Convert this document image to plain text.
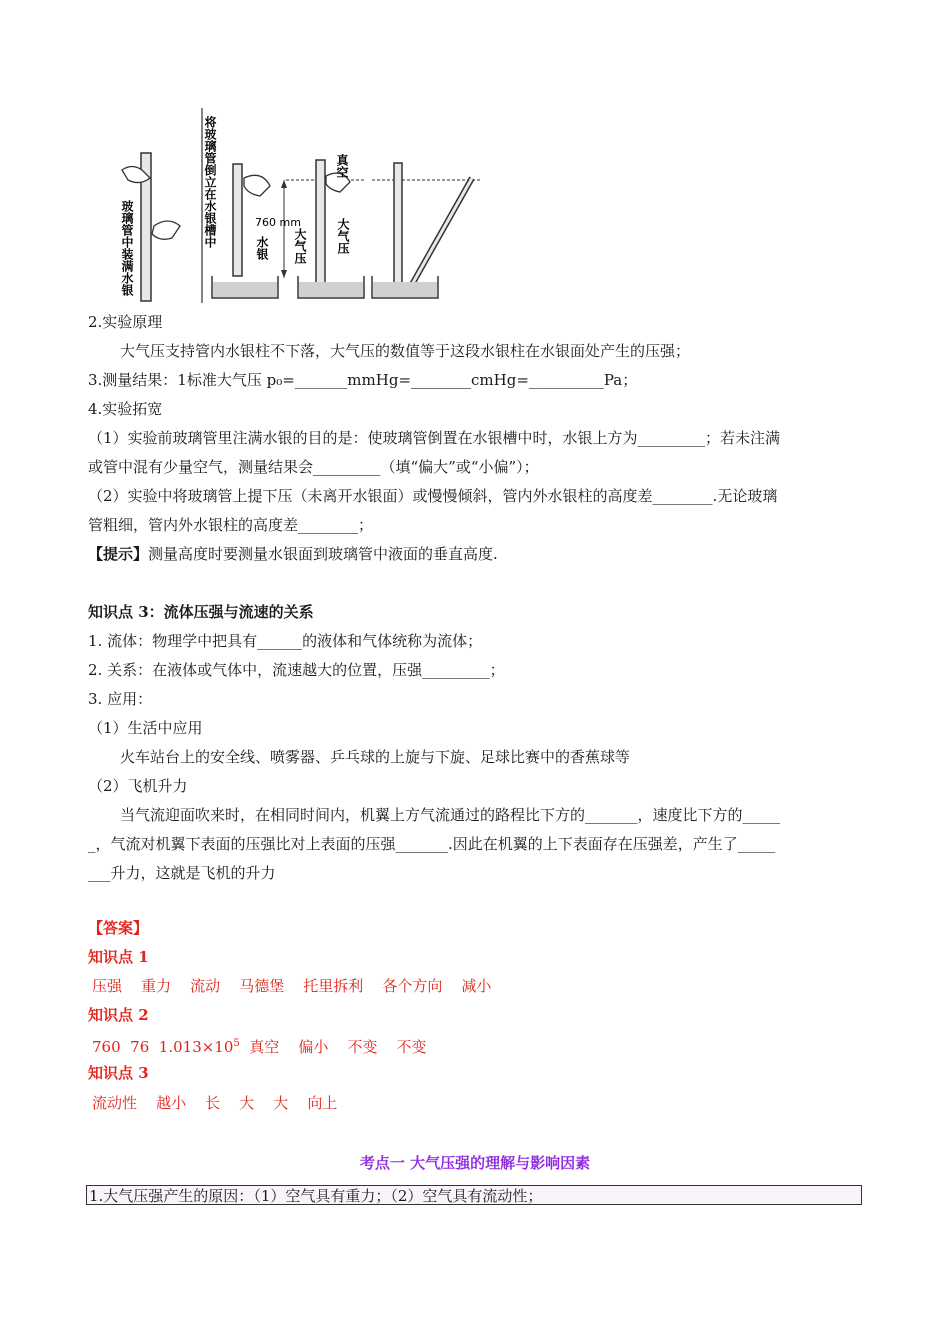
玻璃管中装满水银	将玻璃管倒立在水银槽中	760 mm
水银 大气压
真空
大气压
2.实验原理
大气压支持管内水银柱不下落，大气压的数值等于这段水银柱在水银面处产生的压强；
3.测量结果：1标准大气压 p₀=_______mmHg=________cmHg=__________Pa；
4.实验拓宽
（1）实验前玻璃管里注满水银的目的是：使玻璃管倒置在水银槽中时，水银上方为_________；若未注满
或管中混有少量空气，测量结果会_________（填“偏大”或“小偏”）；
（2）实验中将玻璃管上提下压（未离开水银面）或慢慢倾斜，管内外水银柱的高度差________.无论玻璃
管粗细，管内外水银柱的高度差________；
【提示】测量高度时要测量水银面到玻璃管中液面的垂直高度.
知识点 3：流体压强与流速的关系
1. 流体：物理学中把具有______的液体和气体统称为流体；
2. 关系：在液体或气体中，流速越大的位置，压强_________；
3. 应用：
（1）生活中应用
火车站台上的安全线、喷雾器、乒乓球的上旋与下旋、足球比赛中的香蕉球等
（2）飞机升力
当气流迎面吹来时，在相同时间内，机翼上方气流通过的路程比下方的_______，速度比下方的_____
_，气流对机翼下表面的压强比对上表面的压强_______.因此在机翼的上下表面存在压强差，产生了_____
___升力，这就是飞机的升力
【答案】
知识点 1
压强    重力    流动    马德堡    托里拆利    各个方向    减小
知识点 2
760  76  $1.013\times 10^5$  真空    偏小    不变    不变
知识点 3
流动性    越小    长    大    大    向上
考点一 大气压强的理解与影响因素
1.大气压强产生的原因：（1）空气具有重力；（2）空气具有流动性；
